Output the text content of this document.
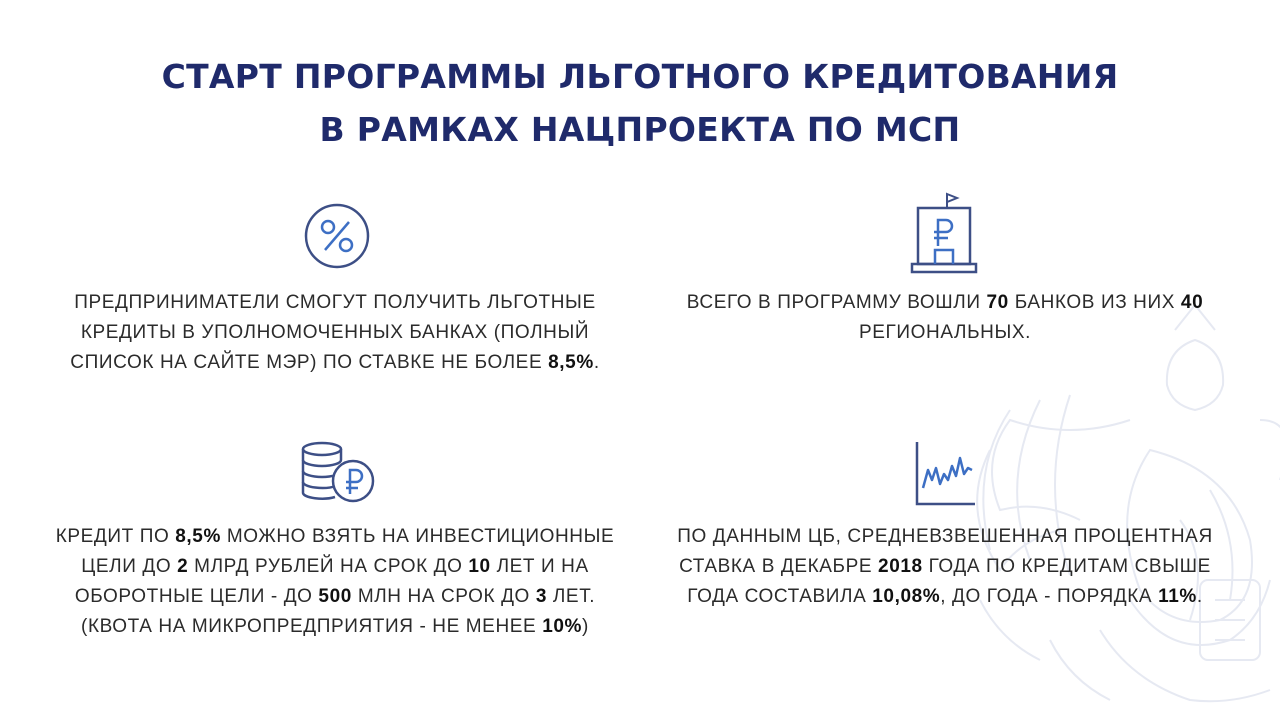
СТАРТ ПРОГРАММЫ ЛЬГОТНОГО КРЕДИТОВАНИЯ
В РАМКАХ НАЦПРОЕКТА ПО МСП
ПРЕДПРИНИМАТЕЛИ СМОГУТ ПОЛУЧИТЬ ЛЬГОТНЫЕ
КРЕДИТЫ В УПОЛНОМОЧЕННЫХ БАНКАХ (ПОЛНЫЙ
СПИСОК НА САЙТЕ МЭР) ПО СТАВКЕ НЕ БОЛЕЕ 8,5%.
ВСЕГО В ПРОГРАММУ ВОШЛИ 70 БАНКОВ ИЗ НИХ 40
РЕГИОНАЛЬНЫХ.
КРЕДИТ ПО 8,5% МОЖНО ВЗЯТЬ НА ИНВЕСТИЦИОННЫЕ
ЦЕЛИ ДО 2 МЛРД РУБЛЕЙ НА СРОК ДО 10 ЛЕТ И НА
ОБОРОТНЫЕ ЦЕЛИ - ДО 500 МЛН НА СРОК ДО 3 ЛЕТ.
(КВОТА НА МИКРОПРЕДПРИЯТИЯ - НЕ МЕНЕЕ 10%)
ПО ДАННЫМ ЦБ, СРЕДНЕВЗВЕШЕННАЯ ПРОЦЕНТНАЯ
СТАВКА В ДЕКАБРЕ 2018 ГОДА ПО КРЕДИТАМ СВЫШЕ
ГОДА СОСТАВИЛА 10,08%, ДО ГОДА - ПОРЯДКА 11%.
